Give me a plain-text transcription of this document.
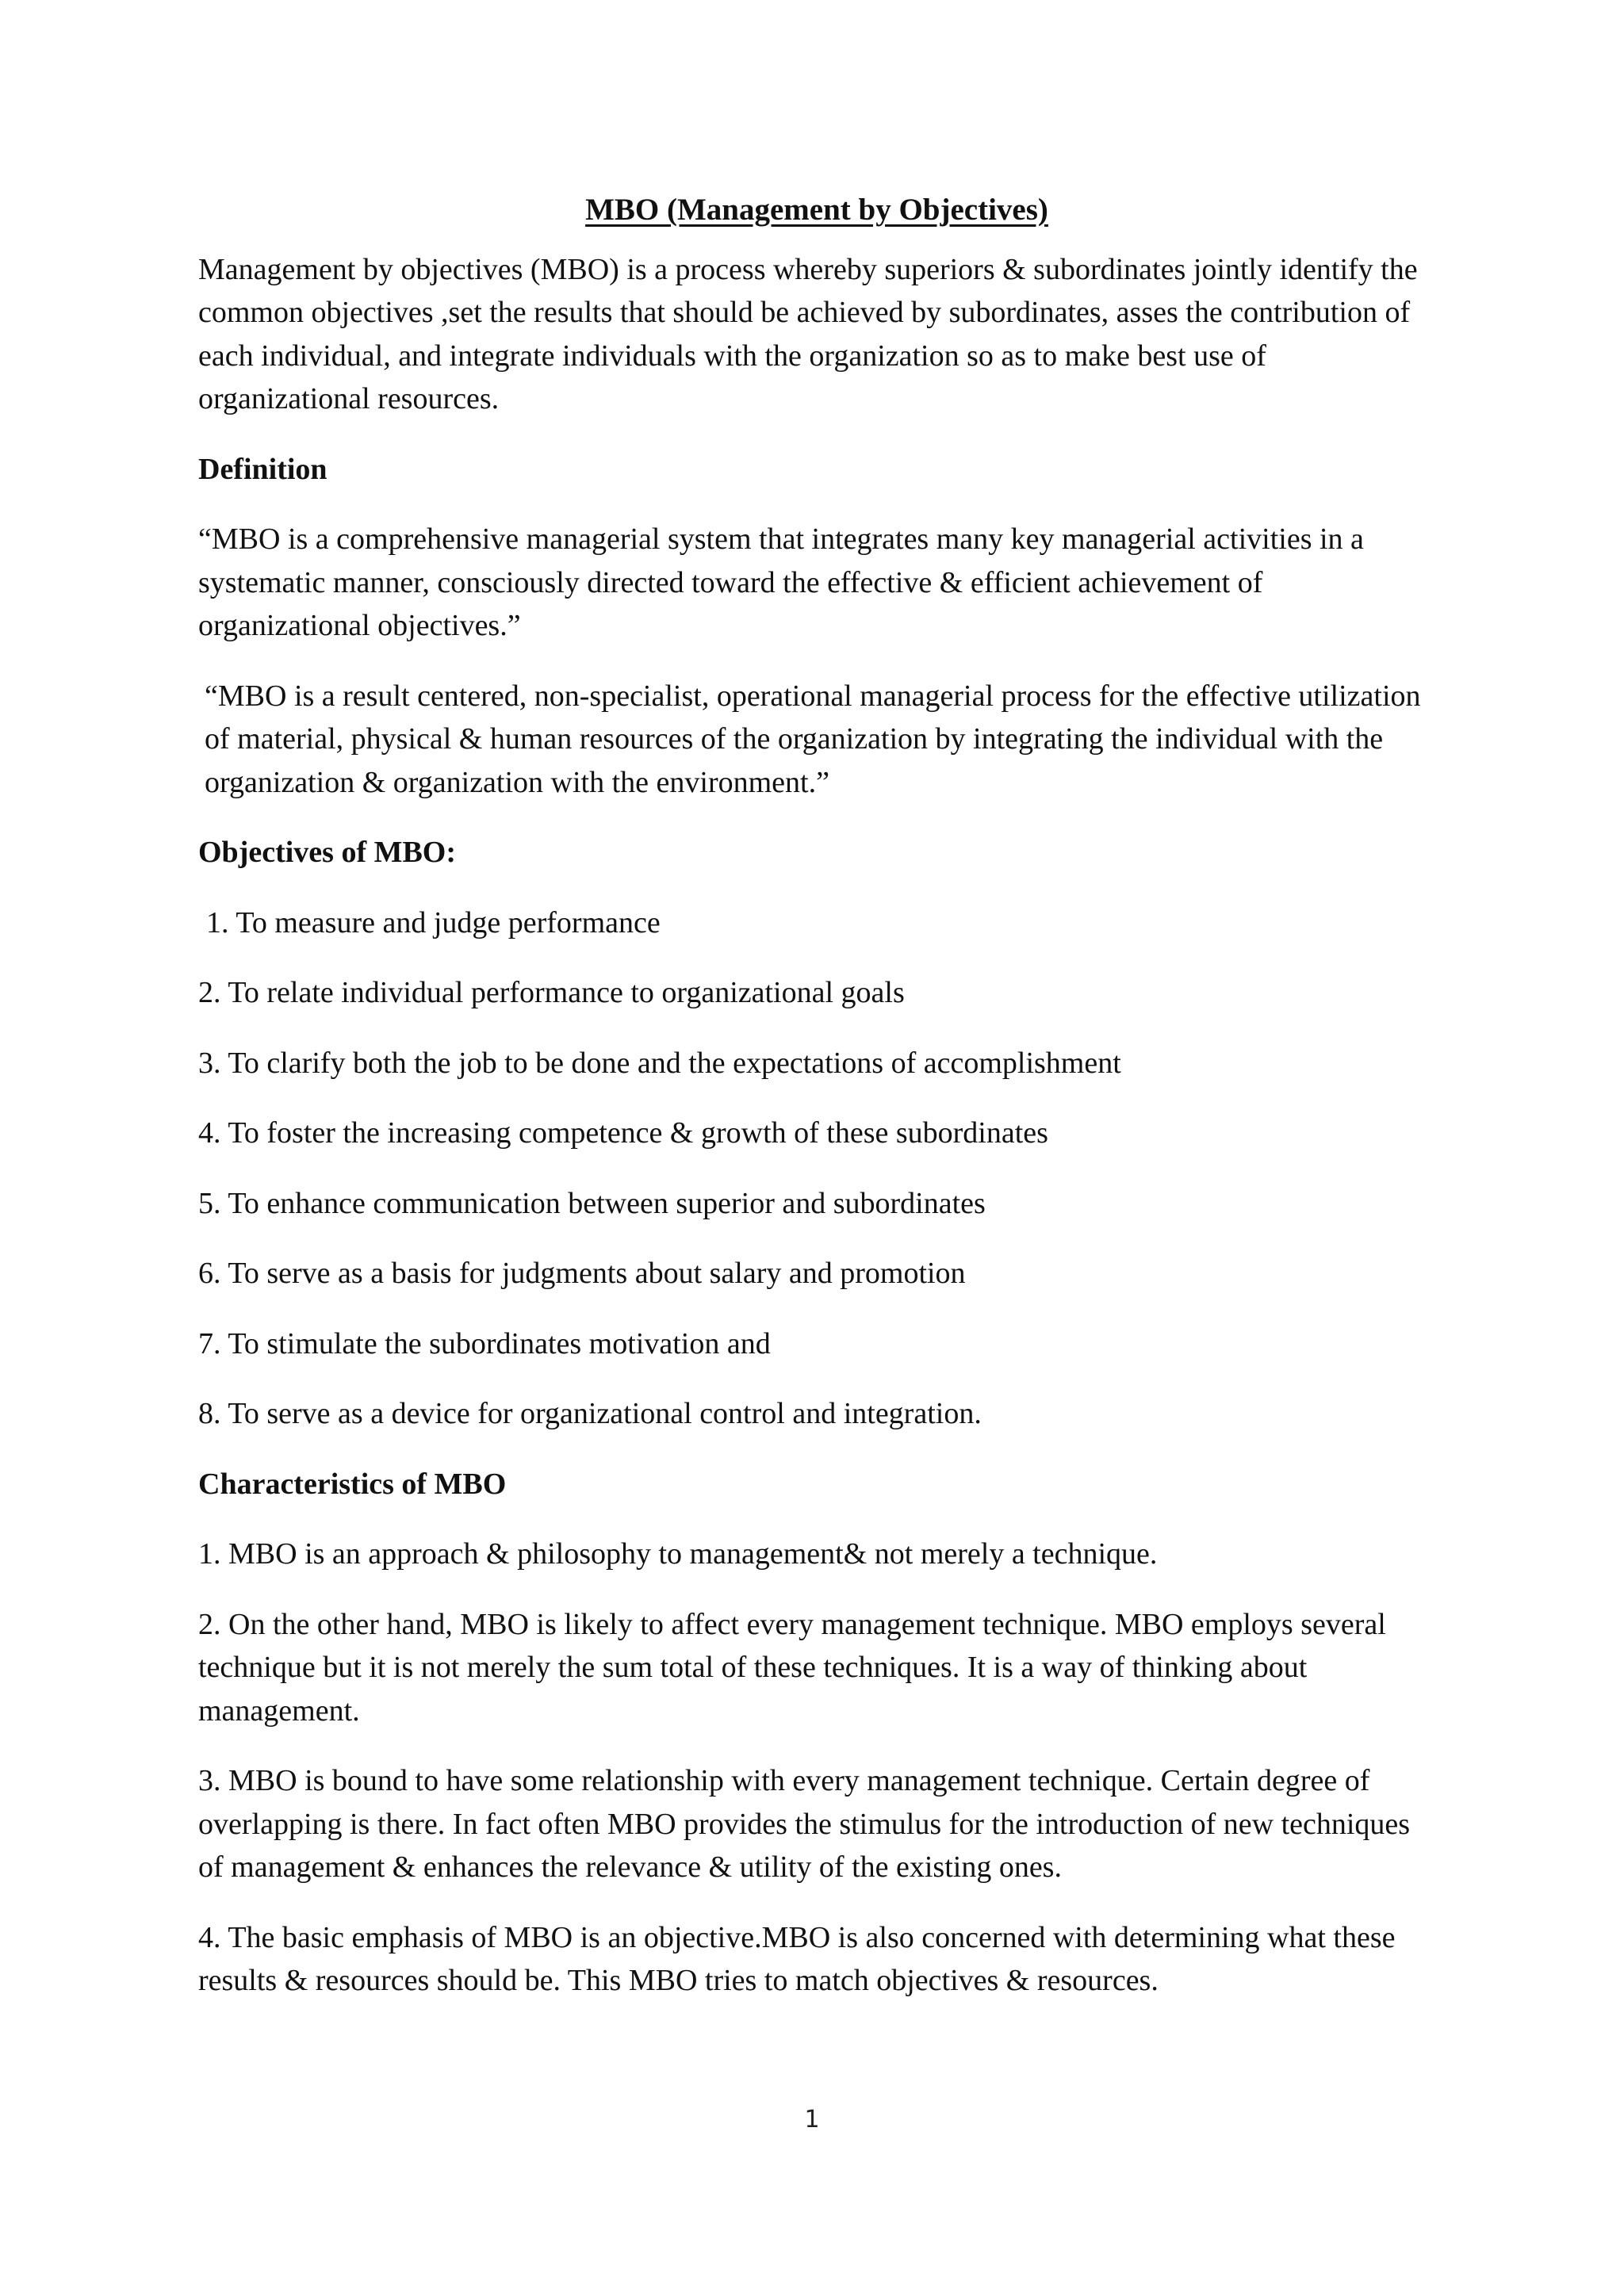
MBO (Management by Objectives)

Management by objectives (MBO) is a process whereby superiors & subordinates jointly identify the common objectives ,set the results that should be achieved by subordinates, asses the contribution of each individual, and integrate individuals with the organization so as to make best use of organizational resources.

Definition

“MBO is a comprehensive managerial system that integrates many key managerial activities in a systematic manner, consciously directed toward the effective & efficient achievement of organizational objectives.”

“MBO is a result centered, non-specialist, operational managerial process for the effective utilization of material, physical & human resources of the organization by integrating the individual with the organization & organization with the environment.”

Objectives of MBO:
1. To measure and judge performance
2. To relate individual performance to organizational goals
3. To clarify both the job to be done and the expectations of accomplishment
4. To foster the increasing competence & growth of these subordinates
5. To enhance communication between superior and subordinates
6. To serve as a basis for judgments about salary and promotion
7. To stimulate the subordinates motivation and
8. To serve as a device for organizational control and integration.
Characteristics of MBO

1. MBO is an approach & philosophy to management& not merely a technique.

2. On the other hand, MBO is likely to affect every management technique. MBO employs several technique but it is not merely the sum total of these techniques. It is a way of thinking about management.

3. MBO is bound to have some relationship with every management technique. Certain degree of overlapping is there. In fact often MBO provides the stimulus for the introduction of new techniques of management & enhances the relevance & utility of the existing ones.

4. The basic emphasis of MBO is an objective.MBO is also concerned with determining what these results & resources should be. This MBO tries to match objectives & resources.

1
